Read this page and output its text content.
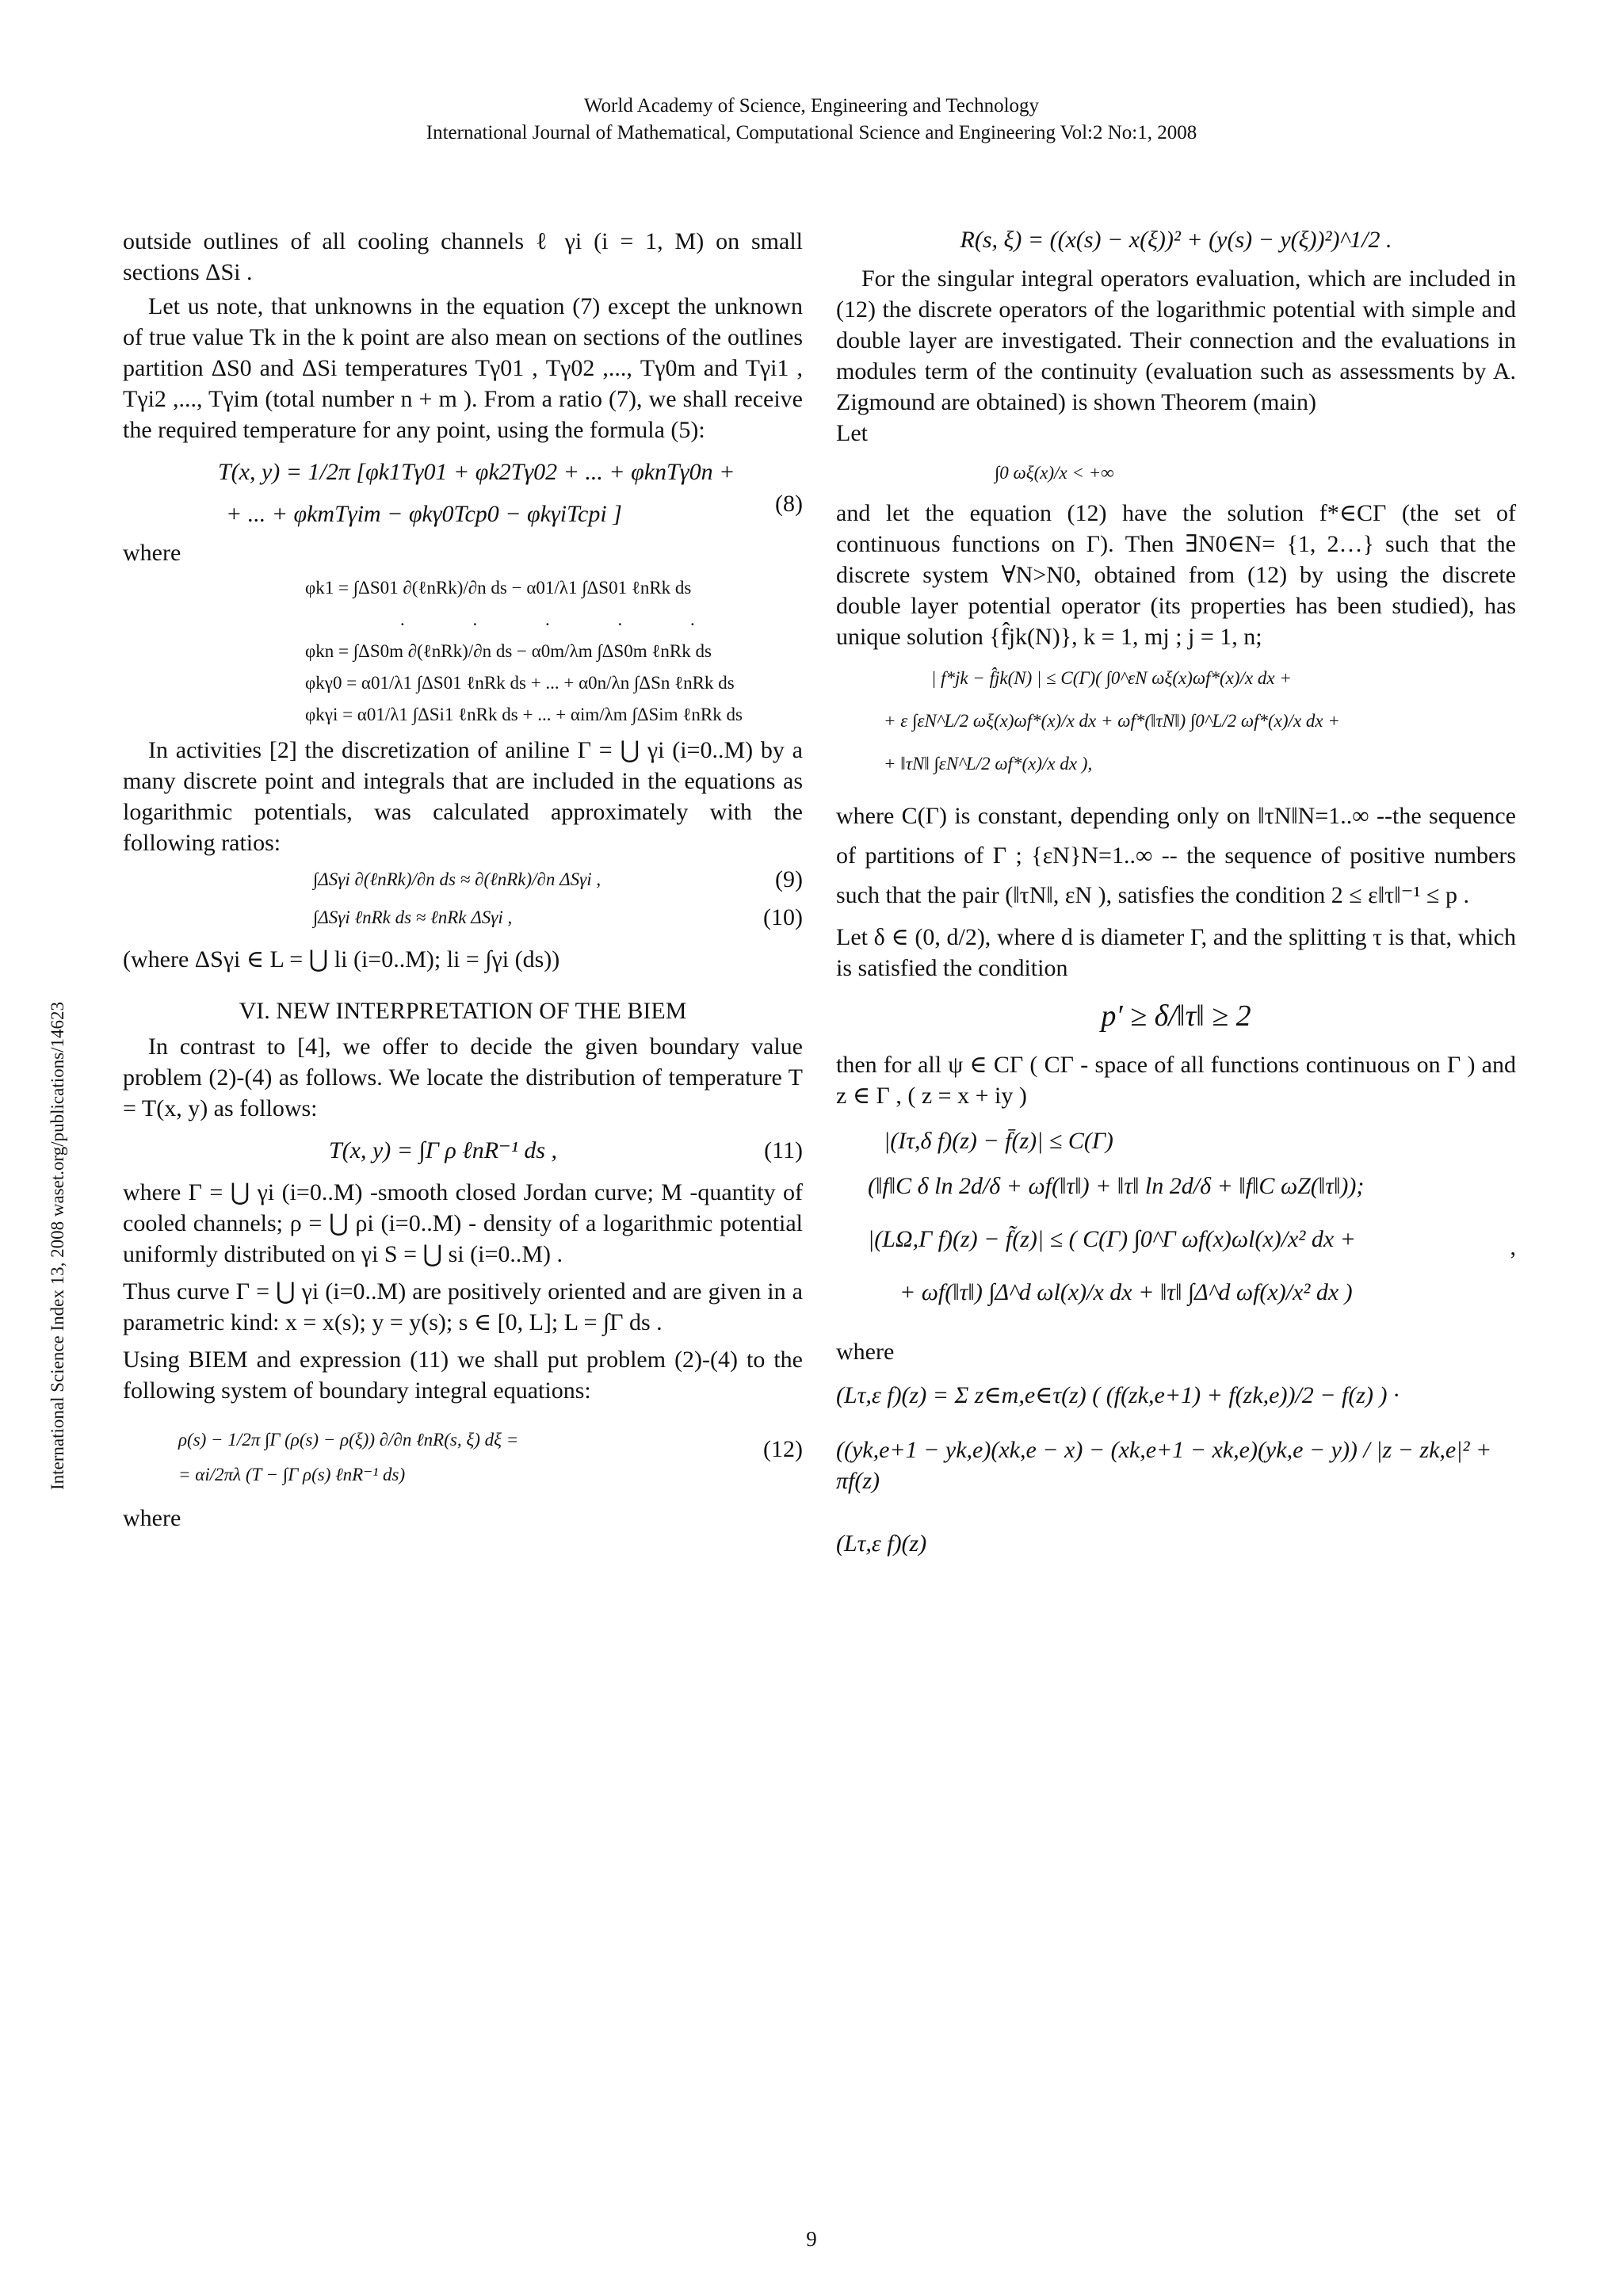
World Academy of Science, Engineering and Technology
International Journal of Mathematical, Computational Science and Engineering Vol:2 No:1, 2008
International Science Index 13, 2008 waset.org/publications/14623

outside outlines of all cooling channels ℓ γi (i = 1, M) on small sections ΔSi .

Let us note, that unknowns in the equation (7) except the unknown of true value Tk in the k point are also mean on sections of the outlines partition ΔS0 and ΔSi temperatures Tγ01 , Tγ02 ,..., Tγ0m and Tγi1 , Tγi2 ,..., Tγim (total number n + m ). From a ratio (7), we shall receive the required temperature for any point, using the formula (5):

T(x, y) = 1/2π [φk1Tγ01 + φk2Tγ02 + ... + φknTγ0n +
+ ... + φkmTγim − φkγ0Tcp0 − φkγiTcpi ]	(8)

where

φk1 = ∫ΔS01 ∂(ℓnRk)/∂n ds − α01/λ1 ∫ΔS01 ℓnRk ds
. . . . .
φkn = ∫ΔS0m ∂(ℓnRk)/∂n ds − α0m/λm ∫ΔS0m ℓnRk ds
φkγ0 = α01/λ1 ∫ΔS01 ℓnRk ds + ... + α0n/λn ∫ΔSn ℓnRk ds
φkγi = α01/λ1 ∫ΔSi1 ℓnRk ds + ... + αim/λm ∫ΔSim ℓnRk ds

In activities [2] the discretization of aniline Γ = ⋃ γi (i=0..M) by a many discrete point and integrals that are included in the equations as logarithmic potentials, was calculated approximately with the following ratios:

∫ΔSγi ∂(ℓnRk)/∂n ds ≈ ∂(ℓnRk)/∂n ΔSγi ,	(9)
∫ΔSγi ℓnRk ds ≈ ℓnRk ΔSγi ,	(10)

(where ΔSγi ∈ L = ⋃ li (i=0..M); li = ∫γi (ds))

VI. NEW INTERPRETATION OF THE BIEM

In contrast to [4], we offer to decide the given boundary value problem (2)-(4) as follows. We locate the distribution of temperature T = T(x, y) as follows:

T(x, y) = ∫Γ ρ ℓnR⁻¹ ds ,	(11)

where Γ = ⋃ γi (i=0..M) -smooth closed Jordan curve; M -quantity of cooled channels; ρ = ⋃ ρi (i=0..M) - density of a logarithmic potential uniformly distributed on γi S = ⋃ si (i=0..M) .

Thus curve Γ = ⋃ γi (i=0..M) are positively oriented and are given in a parametric kind: x = x(s); y = y(s); s ∈ [0, L]; L = ∫Γ ds .

Using BIEM and expression (11) we shall put problem (2)-(4) to the following system of boundary integral equations:

ρ(s) − 1/2π ∫Γ (ρ(s) − ρ(ξ)) ∂/∂n ℓnR(s, ξ) dξ =
= αi/2πλ (T − ∫Γ ρ(s) ℓnR⁻¹ ds)
(12)

where

R(s, ξ) = ((x(s) − x(ξ))² + (y(s) − y(ξ))²)^1/2 .

For the singular integral operators evaluation, which are included in (12) the discrete operators of the logarithmic potential with simple and double layer are investigated. Their connection and the evaluations in modules term of the continuity (evaluation such as assessments by A. Zigmound are obtained) is shown Theorem (main)

Let

∫0 ωξ(x)/x < +∞

and let the equation (12) have the solution f*∈CΓ (the set of continuous functions on Γ). Then ∃N0∈N= {1, 2…} such that the discrete system ∀N>N0, obtained from (12) by using the discrete double layer potential operator (its properties has been studied), has unique solution {f̂jk(N)}, k = 1, mj ; j = 1, n;

| f*jk − f̂jk(N) | ≤ C(Γ)( ∫0^εN ωξ(x)ωf*(x)/x dx +
+ ε ∫εN^L/2 ωξ(x)ωf*(x)/x dx + ωf*(‖τN‖) ∫0^L/2 ωf*(x)/x dx +
+ ‖τN‖ ∫εN^L/2 ωf*(x)/x dx ),

where C(Γ) is constant, depending only on ‖τN‖N=1..∞ --the sequence of partitions of Γ ; {εN}N=1..∞ -- the sequence of positive numbers such that the pair (‖τN‖, εN ), satisfies the condition 2 ≤ ε‖τ‖⁻¹ ≤ p .

Let δ ∈ (0, d/2), where d is diameter Γ, and the splitting τ is that, which is satisfied the condition

p′ ≥ δ/‖τ‖ ≥ 2

then for all ψ ∈ CΓ ( CΓ - space of all functions continuous on Γ ) and z ∈ Γ , ( z = x + iy )

|(Iτ,δ f)(z) − f̄(z)| ≤ C(Γ)
(‖f‖C δ ln 2d/δ + ωf(‖τ‖) + ‖τ‖ ln 2d/δ + ‖f‖C ωZ(‖τ‖));
|(LΩ,Γ f)(z) − f̃(z)| ≤ ( C(Γ) ∫0^Γ ωf(x)ωl(x)/x² dx +	,
+ ωf(‖τ‖) ∫Δ^d ωl(x)/x dx + ‖τ‖ ∫Δ^d ωf(x)/x² dx )

where

(Lτ,ε f)(z) = Σ z∈m,e∈τ(z) ( (f(zk,e+1) + f(zk,e))/2 − f(z) ) ·
((yk,e+1 − yk,e)(xk,e − x) − (xk,e+1 − xk,e)(yk,e − y)) / |z − zk,e|² + πf(z)
(Lτ,ε f)(z)
9
